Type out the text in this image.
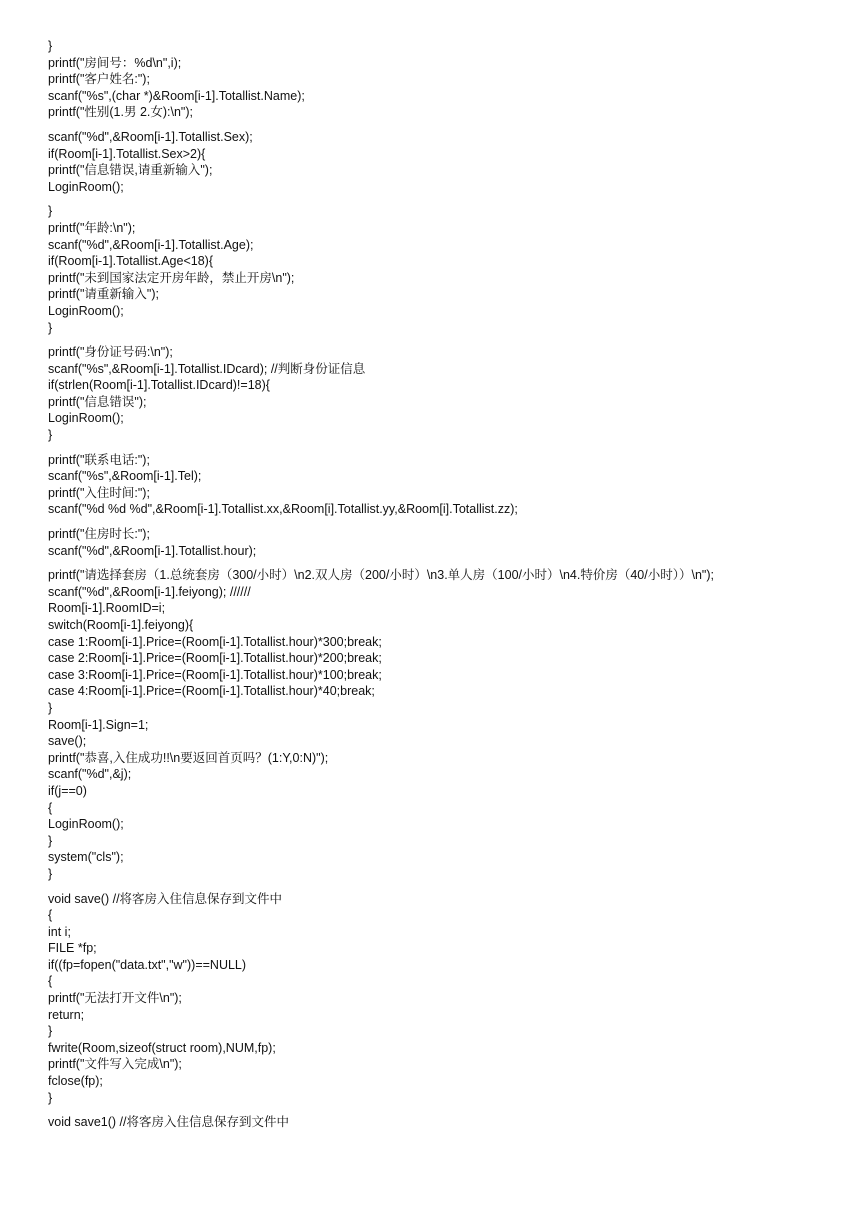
}
printf("房间号：%d\n",i);
printf("客户姓名:");
scanf("%s",(char *)&Room[i-1].Totallist.Name);
printf("性别(1.男 2.女):\n");
scanf("%d",&Room[i-1].Totallist.Sex);
if(Room[i-1].Totallist.Sex>2){
printf("信息错误,请重新输入");
LoginRoom();
}
printf("年龄:\n");
scanf("%d",&Room[i-1].Totallist.Age);
if(Room[i-1].Totallist.Age<18){
printf("未到国家法定开房年龄，禁止开房\n");
printf("请重新输入");
LoginRoom();
}
printf("身份证号码:\n");
scanf("%s",&Room[i-1].Totallist.IDcard); //判断身份证信息
if(strlen(Room[i-1].Totallist.IDcard)!=18){
printf("信息错误");
LoginRoom();
}
printf("联系电话:");
scanf("%s",&Room[i-1].Tel);
printf("入住时间:");
scanf("%d %d %d",&Room[i-1].Totallist.xx,&Room[i].Totallist.yy,&Room[i].Totallist.zz);
printf("住房时长:");
scanf("%d",&Room[i-1].Totallist.hour);
printf("请选择套房（1.总统套房（300/小时）\n2.双人房（200/小时）\n3.单人房（100/小时）\n4.特价房（40/小时））\n");
scanf("%d",&Room[i-1].feiyong); //////
Room[i-1].RoomID=i;
switch(Room[i-1].feiyong){
case 1:Room[i-1].Price=(Room[i-1].Totallist.hour)*300;break;
case 2:Room[i-1].Price=(Room[i-1].Totallist.hour)*200;break;
case 3:Room[i-1].Price=(Room[i-1].Totallist.hour)*100;break;
case 4:Room[i-1].Price=(Room[i-1].Totallist.hour)*40;break;
}
Room[i-1].Sign=1;
save();
printf("恭喜,入住成功!!\n要返回首页吗？(1:Y,0:N)");
scanf("%d",&j);
if(j==0)
{
LoginRoom();
}
system("cls");
}
void save() //将客房入住信息保存到文件中
{
int i;
FILE *fp;
if((fp=fopen("data.txt","w"))==NULL)
{
printf("无法打开文件\n");
return;
}
fwrite(Room,sizeof(struct room),NUM,fp);
printf("文件写入完成\n");
fclose(fp);
}
void save1() //将客房入住信息保存到文件中
